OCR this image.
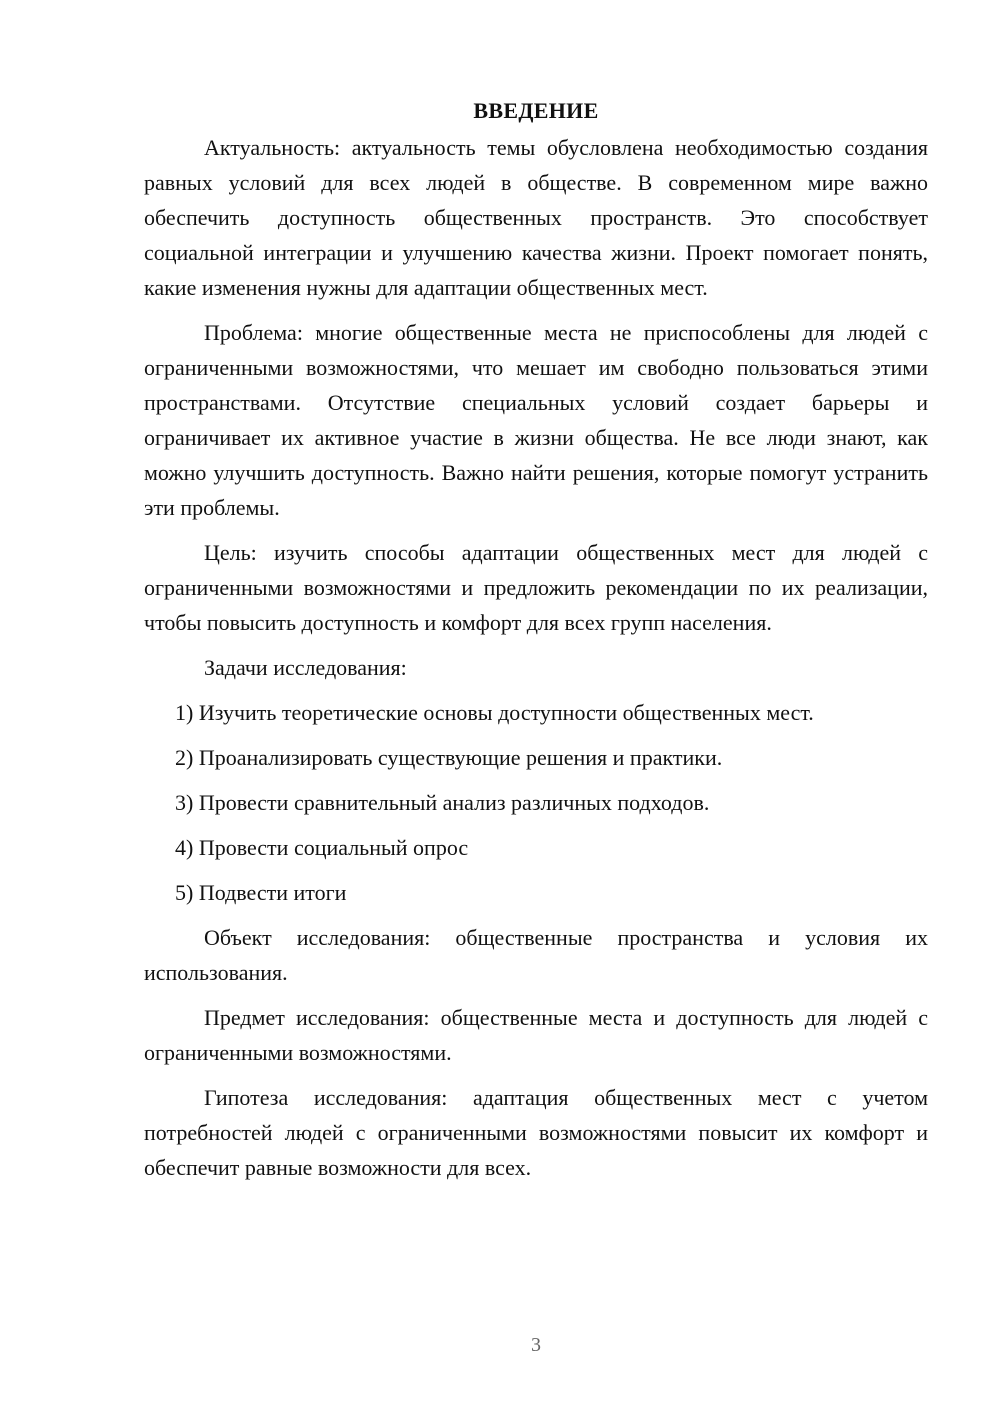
ВВЕДЕНИЕ

Актуальность: актуальность темы обусловлена необходимостью создания равных условий для всех людей в обществе. В современном мире важно обеспечить доступность общественных пространств. Это способствует социальной интеграции и улучшению качества жизни. Проект помогает понять, какие изменения нужны для адаптации общественных мест.

Проблема: многие общественные места не приспособлены для людей с ограниченными возможностями, что мешает им свободно пользоваться этими пространствами. Отсутствие специальных условий создает барьеры и ограничивает их активное участие в жизни общества. Не все люди знают, как можно улучшить доступность. Важно найти решения, которые помогут устранить эти проблемы.

Цель: изучить способы адаптации общественных мест для людей с ограниченными возможностями и предложить рекомендации по их реализации, чтобы повысить доступность и комфорт для всех групп населения.

Задачи исследования:

1) Изучить теоретические основы доступности общественных мест.
2) Проанализировать существующие решения и практики.
3) Провести сравнительный анализ различных подходов.
4) Провести социальный опрос
5) Подвести итоги

Объект исследования: общественные пространства и условия их использования.

Предмет исследования: общественные места и доступность для людей с ограниченными возможностями.

Гипотеза исследования: адаптация общественных мест с учетом потребностей людей с ограниченными возможностями повысит их комфорт и обеспечит равные возможности для всех.

3
